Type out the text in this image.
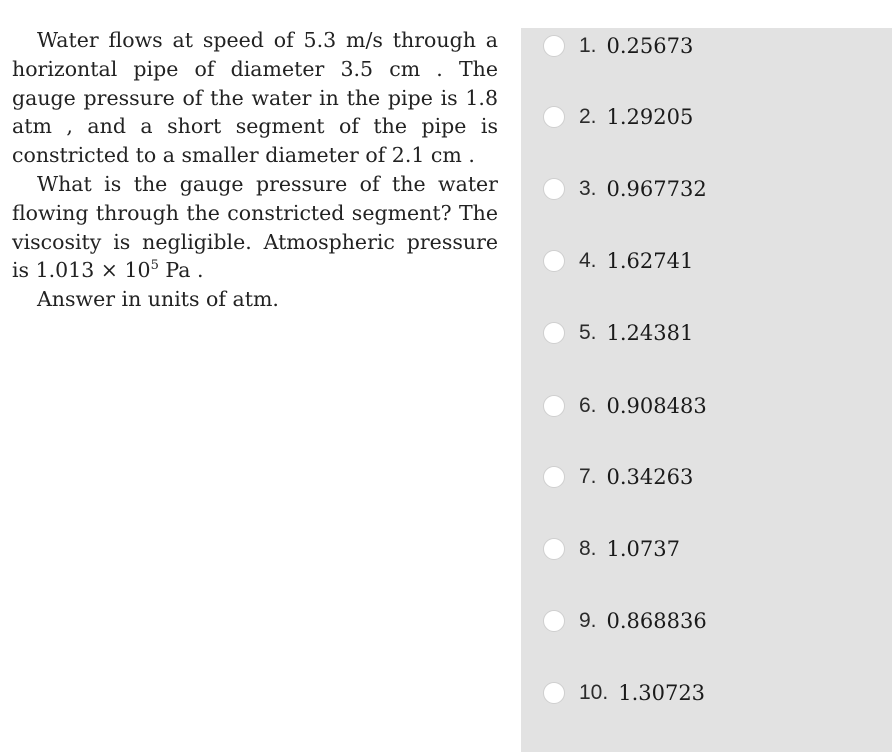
Water flows at speed of 5.3 m/s through a horizontal pipe of diameter 3.5 cm . The gauge pressure of the water in the pipe is 1.8 atm , and a short segment of the pipe is constricted to a smaller diameter of 2.1 cm .

What is the gauge pressure of the water flowing through the constricted segment? The viscosity is negligible. Atmospheric pressure is $1.013 \times 10^5$ Pa .

Answer in units of atm.

1. 0.25673
2. 1.29205
3. 0.967732
4. 1.62741
5. 1.24381
6. 0.908483
7. 0.34263
8. 1.0737
9. 0.868836
10. 1.30723
